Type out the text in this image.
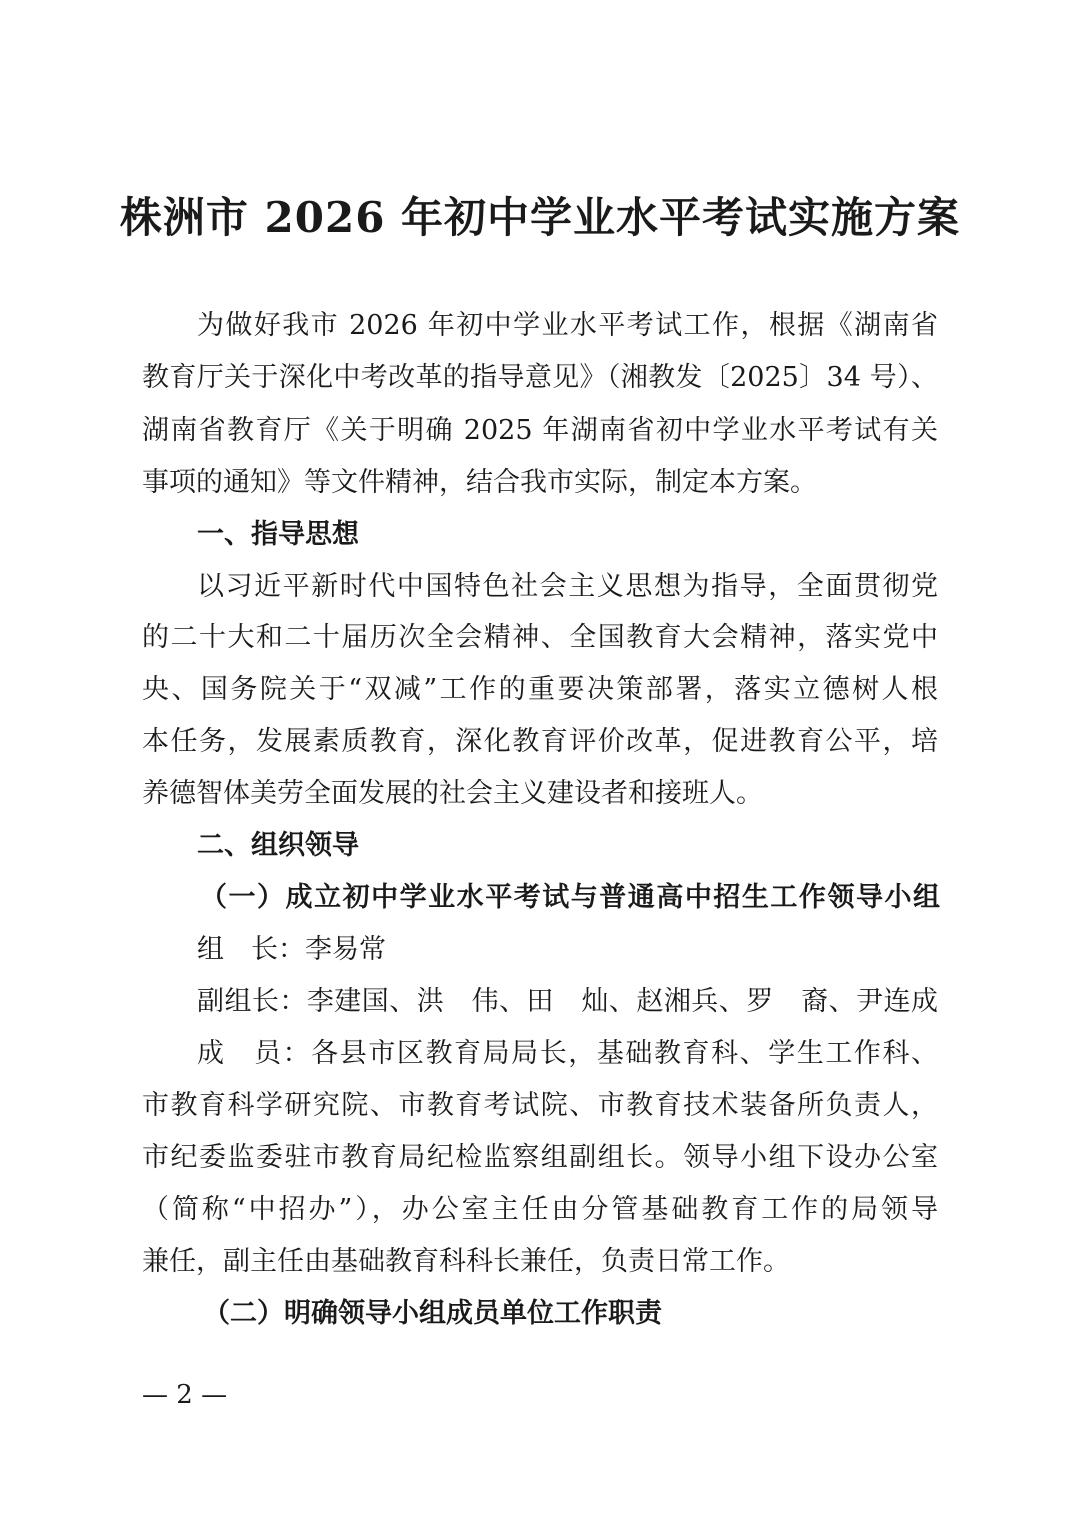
株洲市 2026 年初中学业水平考试实施方案
为做好我市 2026 年初中学业水平考试工作，根据《湖南省
教育厅关于深化中考改革的指导意见》（湘教发〔2025〕34 号）、
湖南省教育厅《关于明确 2025 年湖南省初中学业水平考试有关
事项的通知》等文件精神，结合我市实际，制定本方案。
一、指导思想
以习近平新时代中国特色社会主义思想为指导，全面贯彻党
的二十大和二十届历次全会精神、全国教育大会精神，落实党中
央、国务院关于“双减”工作的重要决策部署，落实立德树人根
本任务，发展素质教育，深化教育评价改革，促进教育公平，培
养德智体美劳全面发展的社会主义建设者和接班人。
二、组织领导
（一）成立初中学业水平考试与普通高中招生工作领导小组
组　长：李易常
副组长：李建国、洪　伟、田　灿、赵湘兵、罗　裔、尹连成
成　员：各县市区教育局局长，基础教育科、学生工作科、
市教育科学研究院、市教育考试院、市教育技术装备所负责人，
市纪委监委驻市教育局纪检监察组副组长。领导小组下设办公室
（简称“中招办”），办公室主任由分管基础教育工作的局领导
兼任，副主任由基础教育科科长兼任，负责日常工作。
（二）明确领导小组成员单位工作职责
— 2 —
